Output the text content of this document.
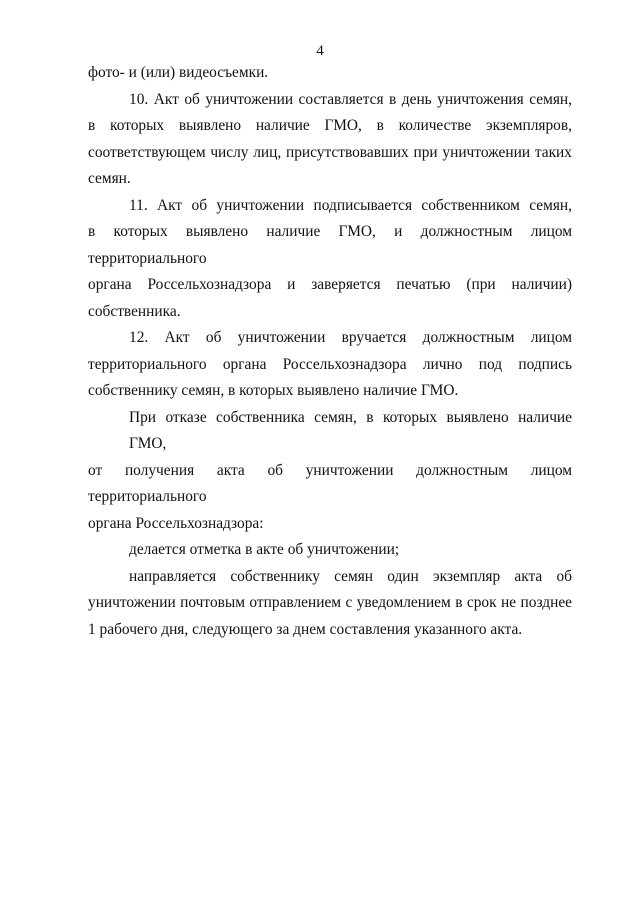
4
фото- и (или) видеосъемки.
10. Акт об уничтожении составляется в день уничтожения семян,
в которых выявлено наличие ГМО, в количестве экземпляров,
соответствующем числу лиц, присутствовавших при уничтожении таких
семян.
11. Акт об уничтожении подписывается собственником семян,
в которых выявлено наличие ГМО, и должностным лицом территориального
органа Россельхознадзора и заверяется печатью (при наличии)
собственника.
12. Акт об уничтожении вручается должностным лицом
территориального органа Россельхознадзора лично под подпись
собственнику семян, в которых выявлено наличие ГМО.
При отказе собственника семян, в которых выявлено наличие ГМО,
от получения акта об уничтожении должностным лицом территориального
органа Россельхознадзора:
делается отметка в акте об уничтожении;
направляется собственнику семян один экземпляр акта об
уничтожении почтовым отправлением с уведомлением в срок не позднее
1 рабочего дня, следующего за днем составления указанного акта.
